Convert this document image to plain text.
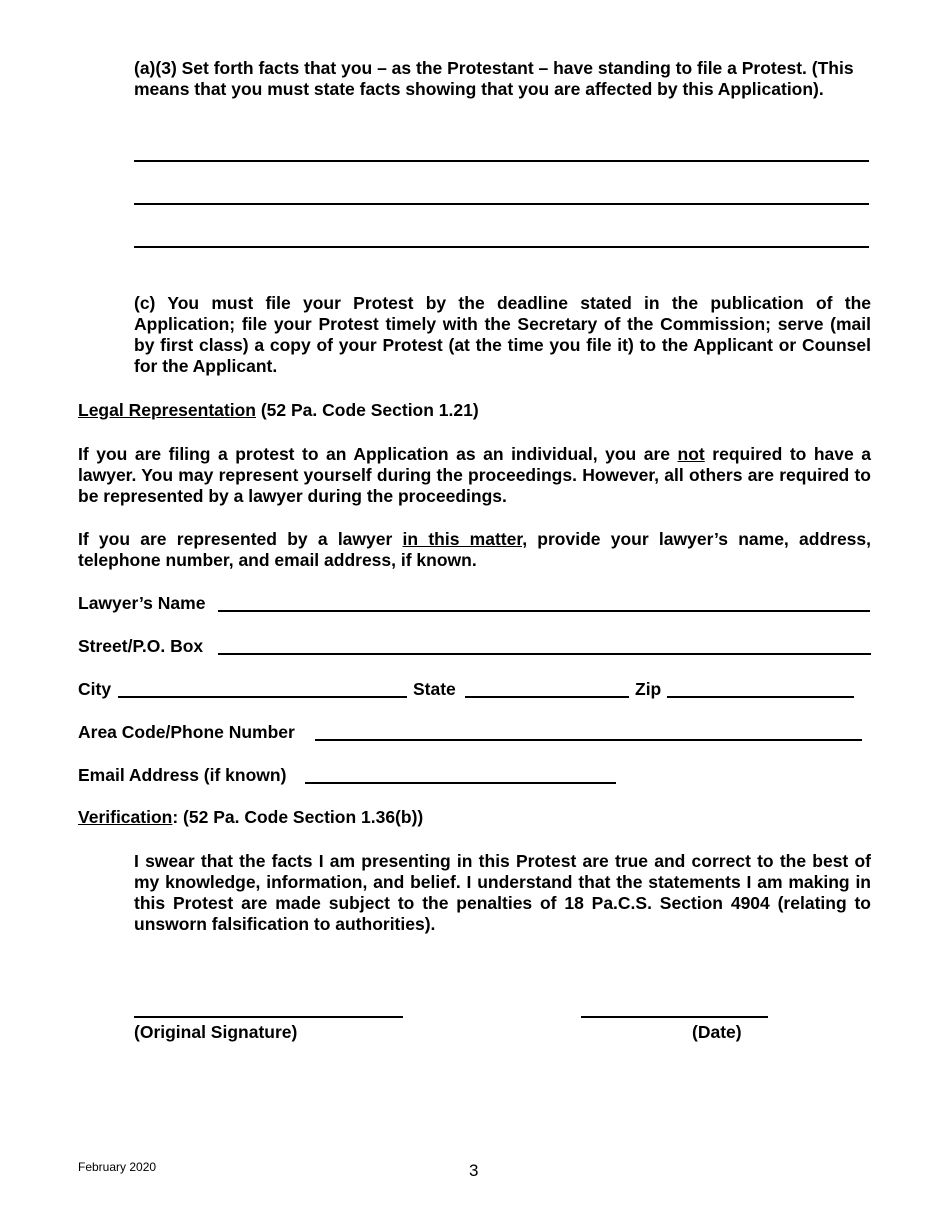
(a)(3) Set forth facts that you – as the Protestant – have standing to file a Protest. (This means that you must state facts showing that you are affected by this Application).
(c) You must file your Protest by the deadline stated in the publication of the Application; file your Protest timely with the Secretary of the Commission; serve (mail by first class) a copy of your Protest (at the time you file it) to the Applicant or Counsel for the Applicant.
Legal Representation (52 Pa. Code Section 1.21)
If you are filing a protest to an Application as an individual, you are not required to have a lawyer. You may represent yourself during the proceedings. However, all others are required to be represented by a lawyer during the proceedings.
If you are represented by a lawyer in this matter, provide your lawyer’s name, address, telephone number, and email address, if known.
Lawyer’s Name
Street/P.O. Box
City	State	Zip
Area Code/Phone Number
Email Address (if known)
Verification: (52 Pa. Code Section 1.36(b))
I swear that the facts I am presenting in this Protest are true and correct to the best of my knowledge, information, and belief. I understand that the statements I am making in this Protest are made subject to the penalties of 18 Pa.C.S. Section 4904 (relating to unsworn falsification to authorities).
(Original Signature)	(Date)
February 2020	3
